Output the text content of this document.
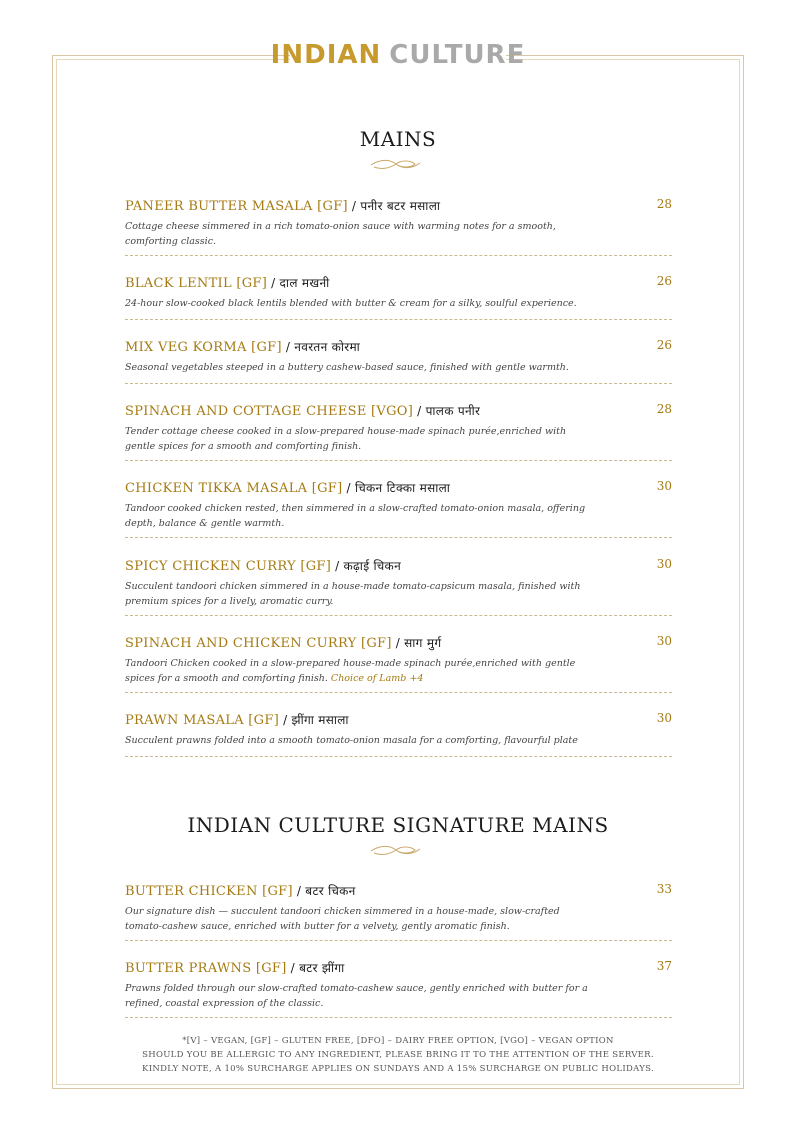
INDIAN CULTURE
MAINS
PANEER BUTTER MASALA [GF] / पनीर बटर मसाला	28
Cottage cheese simmered in a rich tomato-onion sauce with warming notes for a smooth, comforting classic.
BLACK LENTIL [GF] / दाल मखनी	26
24-hour slow-cooked black lentils blended with butter & cream for a silky, soulful experience.
MIX VEG KORMA [GF] / नवरतन कोरमा	26
Seasonal vegetables steeped in a buttery cashew-based sauce, finished with gentle warmth.
SPINACH AND COTTAGE CHEESE [VGO] / पालक पनीर	28
Tender cottage cheese cooked in a slow-prepared house-made spinach purée,enriched with gentle spices for a smooth and comforting finish.
CHICKEN TIKKA MASALA [GF] / चिकन टिक्का मसाला	30
Tandoor cooked chicken rested, then simmered in a slow-crafted tomato-onion masala, offering depth, balance & gentle warmth.
SPICY CHICKEN CURRY [GF] / कढ़ाई चिकन	30
Succulent tandoori chicken simmered in a house-made tomato-capsicum masala, finished with premium spices for a lively, aromatic curry.
SPINACH AND CHICKEN CURRY [GF] / साग मुर्ग	30
Tandoori Chicken cooked in a slow-prepared house-made spinach purée,enriched with gentle spices for a smooth and comforting finish. Choice of Lamb +4
PRAWN MASALA [GF] / झींगा मसाला	30
Succulent prawns folded into a smooth tomato-onion masala for a comforting, flavourful plate
INDIAN CULTURE SIGNATURE MAINS
BUTTER CHICKEN [GF] / बटर चिकन	33
Our signature dish — succulent tandoori chicken simmered in a house-made, slow-crafted tomato-cashew sauce, enriched with butter for a velvety, gently aromatic finish.
BUTTER PRAWNS [GF] / बटर झींगा	37
Prawns folded through our slow-crafted tomato-cashew sauce, gently enriched with butter for a refined, coastal expression of the classic.
*[V] – VEGAN, [GF] – GLUTEN FREE, [DFO] – DAIRY FREE OPTION, [VGO] – VEGAN OPTION
SHOULD YOU BE ALLERGIC TO ANY INGREDIENT, PLEASE BRING IT TO THE ATTENTION OF THE SERVER.
KINDLY NOTE, A 10% SURCHARGE APPLIES ON SUNDAYS AND A 15% SURCHARGE ON PUBLIC HOLIDAYS.
